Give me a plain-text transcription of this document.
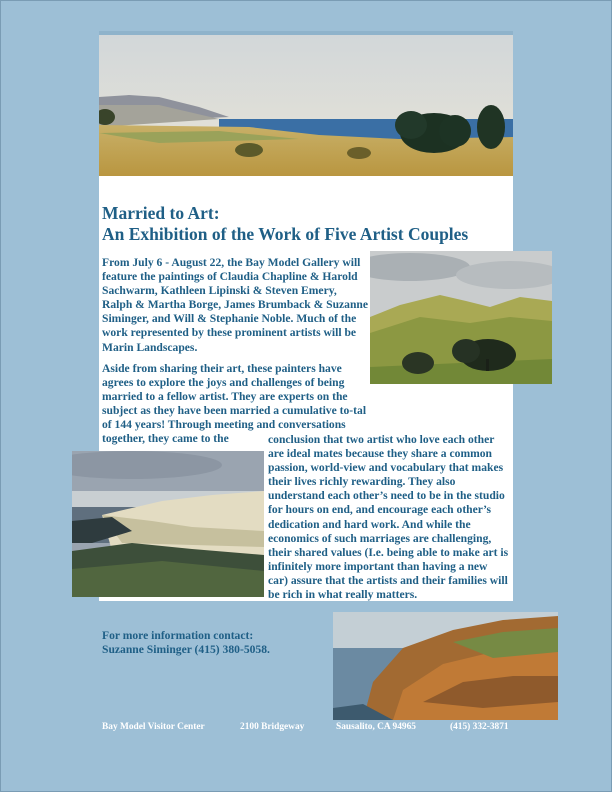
Married to Art:
An Exhibition of the Work of Five Artist Couples

From July 6 - August 22, the Bay Model Gallery will feature the paintings of Claudia Chapline & Harold Sachwarm, Kathleen Lipinski & Steven Emery, Ralph & Martha Borge, James Brumback & Suzanne Siminger, and Will & Stephanie Noble. Much of the work represented by these prominent artists will be Marin Landscapes.

Aside from sharing their art, these painters have agrees to explore the joys and challenges of being married to a fellow artist. They are experts on the subject as they have been married a cumulative to-tal of 144 years! Through meeting and conversations together, they came to the	conclusion that two artist who love each other are ideal mates because they share a common passion, world-view and vocabulary that makes their lives richly rewarding. They also understand each other’s need to be in the studio for hours on end, and encourage each other’s dedication and hard work. And while the economics of such marriages are challenging, their shared values (I.e. being able to make art is infinitely more important than having a new car) assure that the artists and their families will be rich in what really matters.

For more information contact:
Suzanne Siminger (415) 380-5058.

Bay Model Visitor Center	2100 Bridgeway	Sausalito, CA 94965	(415) 332-3871
